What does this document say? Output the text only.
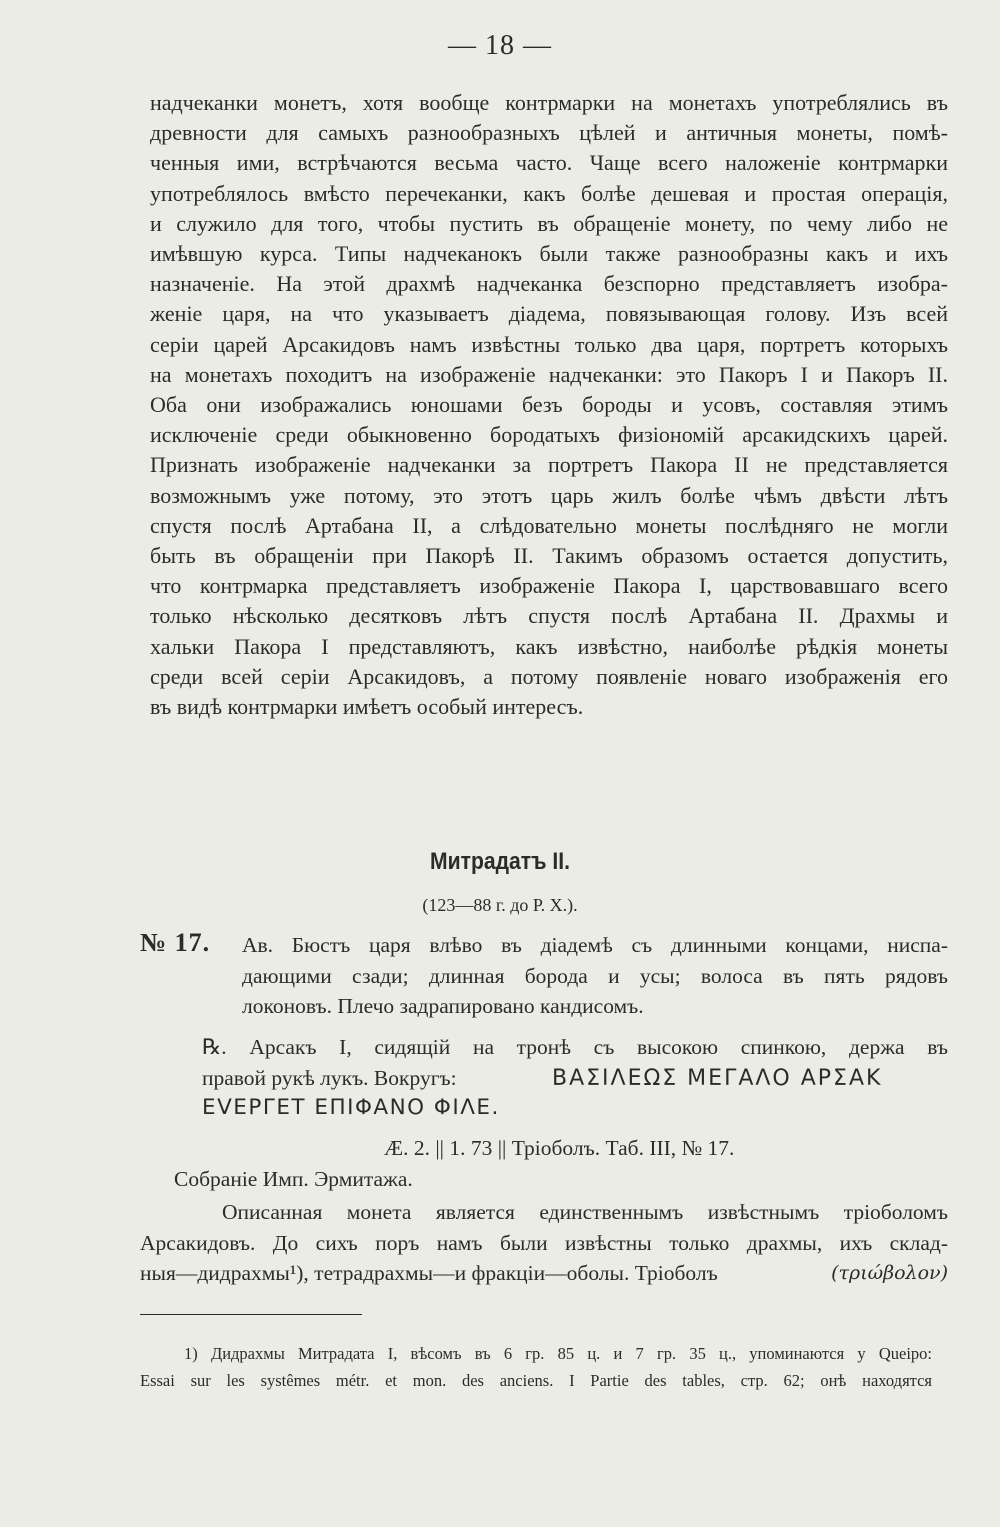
— 18 —
надчеканки монетъ, хотя вообще контрмарки на монетахъ употреблялись въ
древности для самыхъ разнообразныхъ цѣлей и античныя монеты, помѣ-
ченныя ими, встрѣчаются весьма часто. Чаще всего наложеніе контрмарки
употреблялось вмѣсто перечеканки, какъ болѣе дешевая и простая операція,
и служило для того, чтобы пустить въ обращеніе монету, по чему либо не
имѣвшую курса. Типы надчеканокъ были также разнообразны какъ и ихъ
назначеніе. На этой драхмѣ надчеканка безспорно представляетъ изобра-
женіе царя, на что указываетъ діадема, повязывающая голову. Изъ всей
серіи царей Арсакидовъ намъ извѣстны только два царя, портретъ которыхъ
на монетахъ походитъ на изображеніе надчеканки: это Пакоръ I и Пакоръ II.
Оба они изображались юношами безъ бороды и усовъ, составляя этимъ
исключеніе среди обыкновенно бородатыхъ физіономій арсакидскихъ царей.
Признать изображеніе надчеканки за портретъ Пакора II не представляется
возможнымъ уже потому, это этотъ царь жилъ болѣе чѣмъ двѣсти лѣтъ
спустя послѣ Артабана II, а слѣдовательно монеты послѣдняго не могли
быть въ обращеніи при Пакорѣ II. Такимъ образомъ остается допустить,
что контрмарка представляетъ изображеніе Пакора I, царствовавшаго всего
только нѣсколько десятковъ лѣтъ спустя послѣ Артабана II. Драхмы и
хальки Пакора I представляютъ, какъ извѣстно, наиболѣе рѣдкія монеты
среди всей серіи Арсакидовъ, а потому появленіе новаго изображенія его
въ видѣ контрмарки имѣетъ особый интересъ.
Митрадатъ II.
(123—88 г. до Р. Х.).
№ 17. Ав. Бюстъ царя влѣво въ діадемѣ съ длинными концами, ниспа-
дающими сзади; длинная борода и усы; волоса въ пять рядовъ
локоновъ. Плечо задрапировано кандисомъ.
℞. Арсакъ I, сидящій на тронѣ съ высокою спинкою, держа въ
правой рукѣ лукъ. Вокругъ:	ΒΑΣΙΛΕΩΣ ΜΕΓΑΛΟ ΑΡΣΑΚ
ΕVΕΡΓΕΤ ΕΠΙΦΑΝΟ ΦΙΛΕ.
Æ. 2. || 1. 73 || Тріоболъ. Таб. III, № 17.
Собраніе Имп. Эрмитажа.
Описанная монета является единственнымъ извѣстнымъ тріоболомъ
Арсакидовъ. До сихъ поръ намъ были извѣстны только драхмы, ихъ склад-
ныя—дидрахмы¹), тетрадрахмы—и фракціи—оболы. Тріоболъ	(τριώβολον)
1) Дидрахмы Митрадата I, вѣсомъ въ 6 гр. 85 ц. и 7 гр. 35 ц., упоминаются у Queipo:
Essai sur les systêmes métr. et mon. des anciens. I Partie des tables, стр. 62; онѣ находятся
